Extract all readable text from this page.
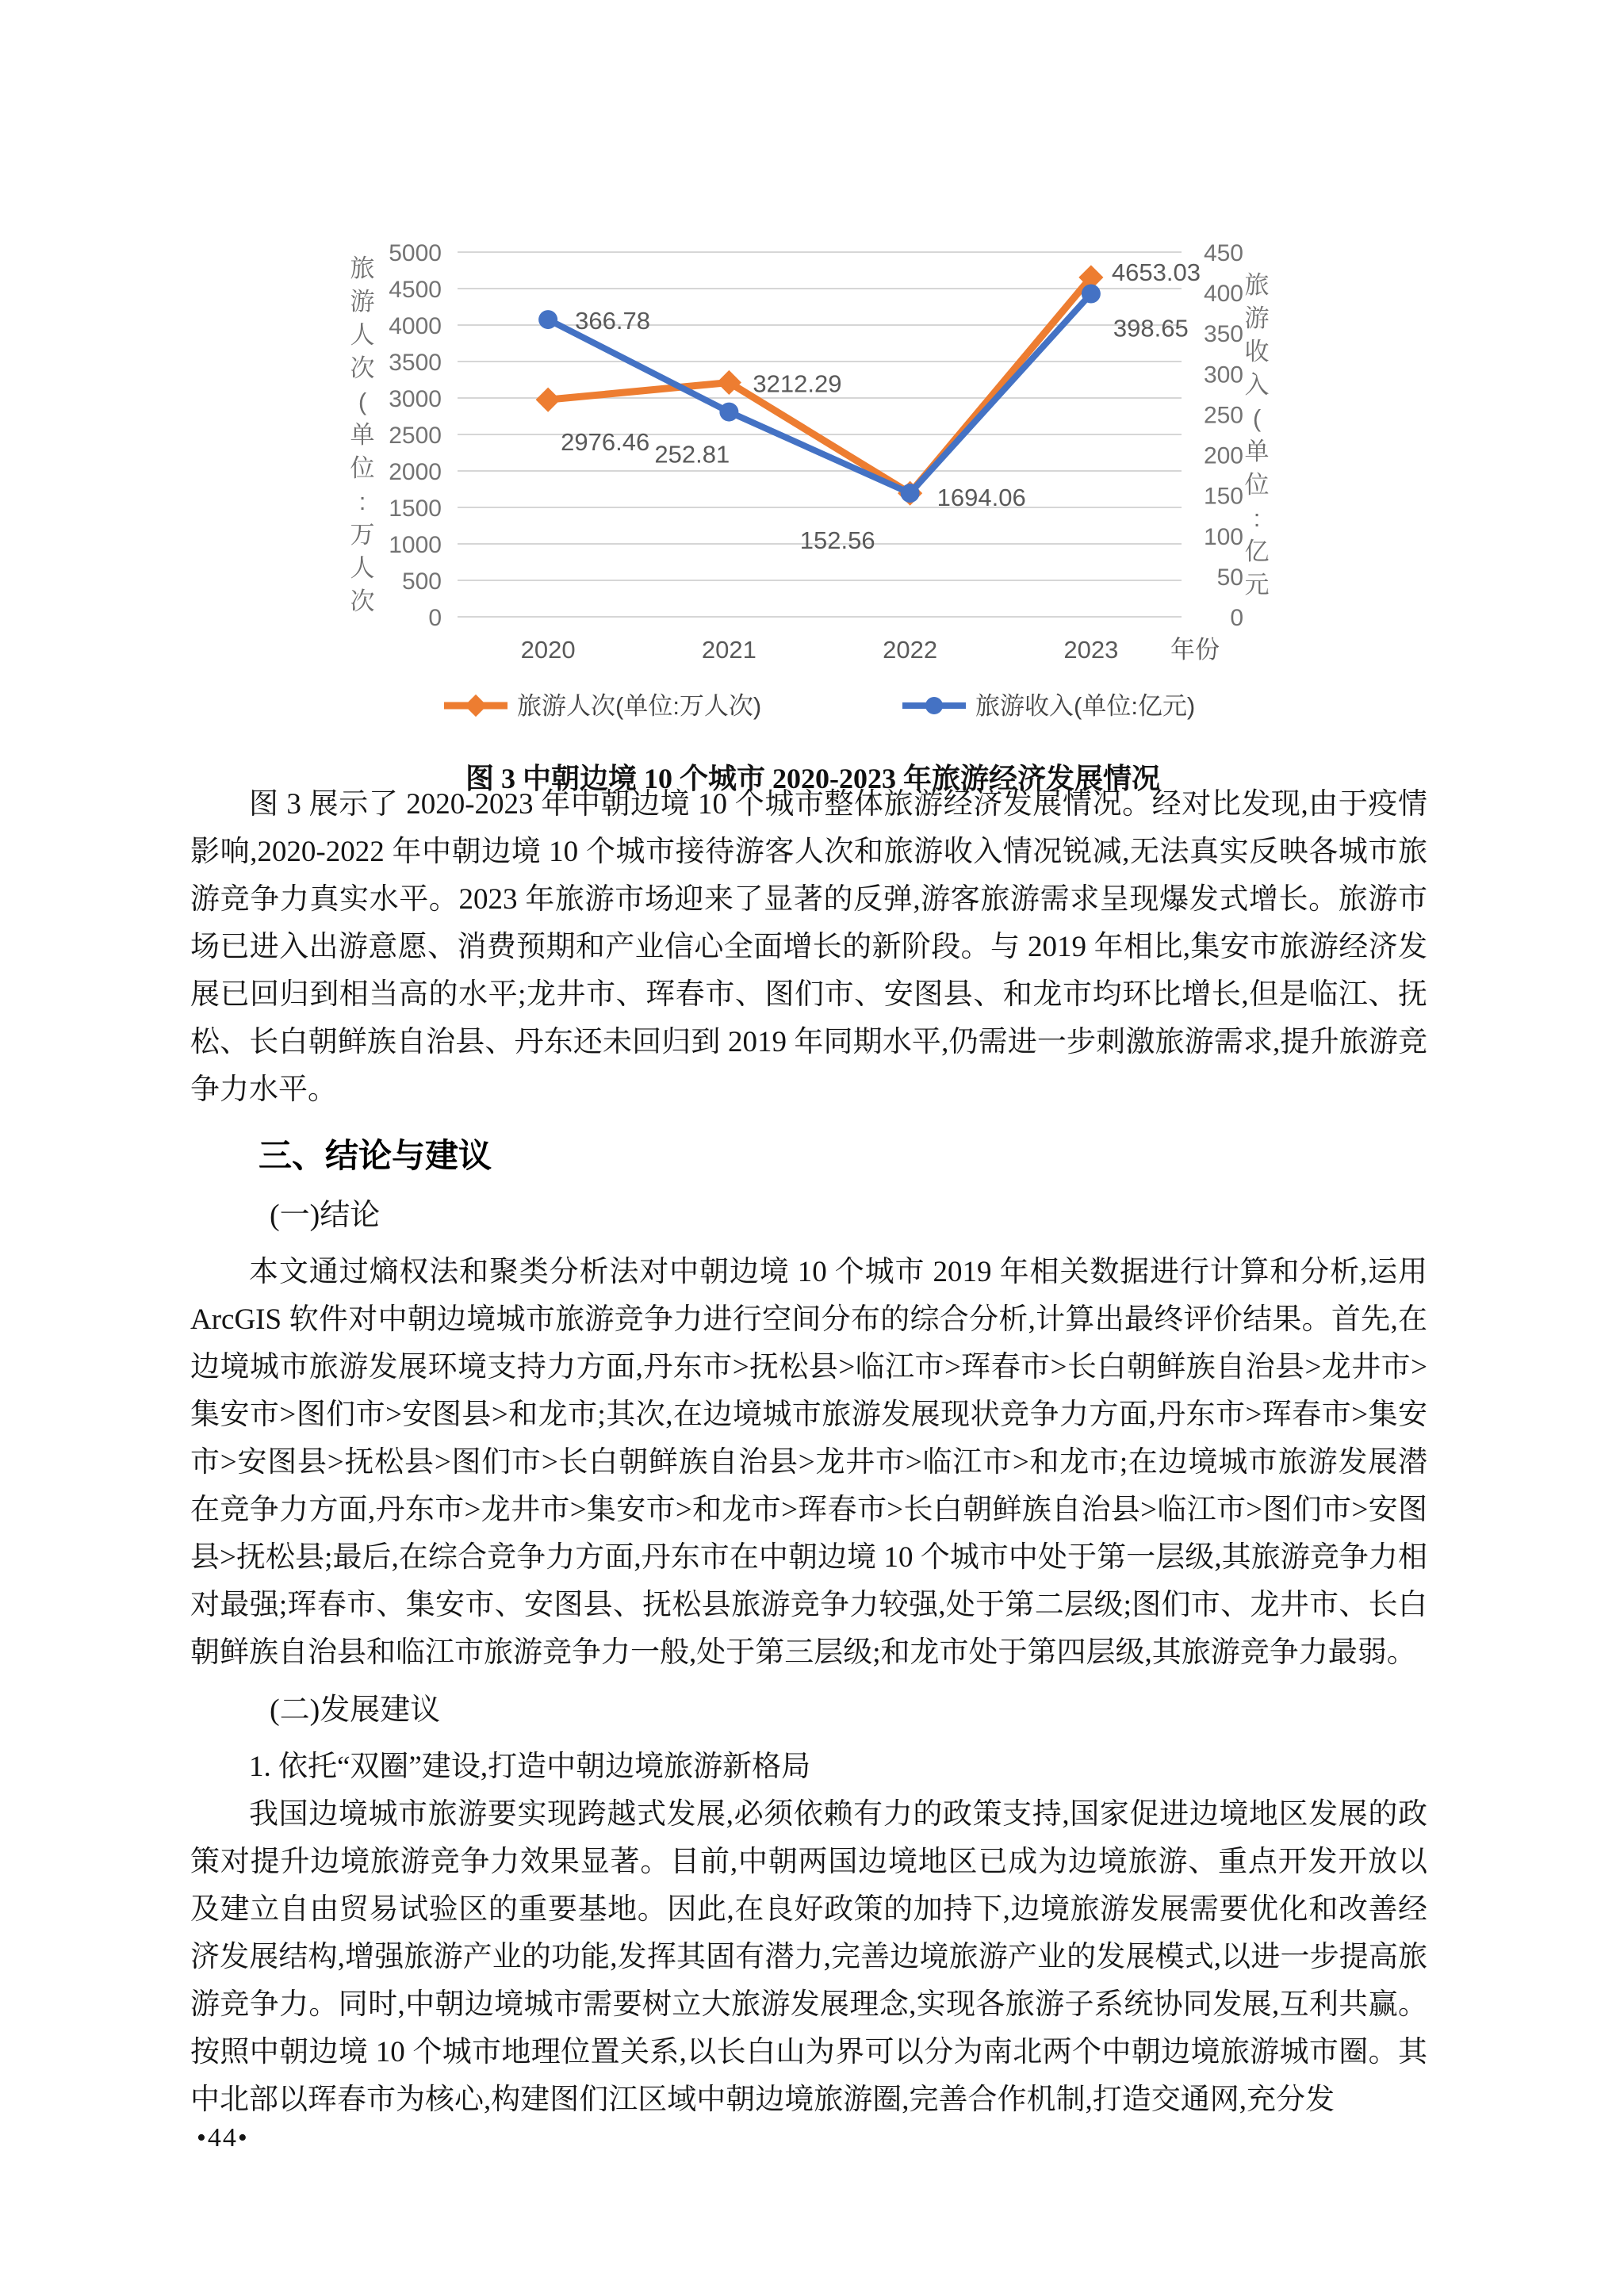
0
500
1000
1500
2000
2500
3000
3500
4000
4500
5000
0
50
100
150
200
250
300
350
400
450
2020	2021	2022	2023 年份
旅
游
人
次
(
单
位
:
万
人
次
旅
游
收
入
(
单
位
:
亿
元
2976.46
3212.29
1694.06
4653.03
366.78
252.81
152.56
398.65
旅游人次(单位:万人次)	旅游收入(单位:亿元)
图 3 中朝边境 10 个城市 2020-2023 年旅游经济发展情况

图 3 展示了 2020-2023 年中朝边境 10 个城市整体旅游经济发展情况。经对比发现,由于疫情影响,2020-2022 年中朝边境 10 个城市接待游客人次和旅游收入情况锐减,无法真实反映各城市旅游竞争力真实水平。2023 年旅游市场迎来了显著的反弹,游客旅游需求呈现爆发式增长。旅游市场已进入出游意愿、消费预期和产业信心全面增长的新阶段。与 2019 年相比,集安市旅游经济发展已回归到相当高的水平;龙井市、珲春市、图们市、安图县、和龙市均环比增长,但是临江、抚松、长白朝鲜族自治县、丹东还未回归到 2019 年同期水平,仍需进一步刺激旅游需求,提升旅游竞争力水平。

三、结论与建议
(一)结论

本文通过熵权法和聚类分析法对中朝边境 10 个城市 2019 年相关数据进行计算和分析,运用 ArcGIS 软件对中朝边境城市旅游竞争力进行空间分布的综合分析,计算出最终评价结果。首先,在边境城市旅游发展环境支持力方面,丹东市>抚松县>临江市>珲春市>长白朝鲜族自治县>龙井市>集安市>图们市>安图县>和龙市;其次,在边境城市旅游发展现状竞争力方面,丹东市>珲春市>集安市>安图县>抚松县>图们市>长白朝鲜族自治县>龙井市>临江市>和龙市;在边境城市旅游发展潜在竞争力方面,丹东市>龙井市>集安市>和龙市>珲春市>长白朝鲜族自治县>临江市>图们市>安图县>抚松县;最后,在综合竞争力方面,丹东市在中朝边境 10 个城市中处于第一层级,其旅游竞争力相对最强;珲春市、集安市、安图县、抚松县旅游竞争力较强,处于第二层级;图们市、龙井市、长白朝鲜族自治县和临江市旅游竞争力一般,处于第三层级;和龙市处于第四层级,其旅游竞争力最弱。

(二)发展建议

1. 依托“双圈”建设,打造中朝边境旅游新格局

我国边境城市旅游要实现跨越式发展,必须依赖有力的政策支持,国家促进边境地区发展的政策对提升边境旅游竞争力效果显著。目前,中朝两国边境地区已成为边境旅游、重点开发开放以及建立自由贸易试验区的重要基地。因此,在良好政策的加持下,边境旅游发展需要优化和改善经济发展结构,增强旅游产业的功能,发挥其固有潜力,完善边境旅游产业的发展模式,以进一步提高旅游竞争力。同时,中朝边境城市需要树立大旅游发展理念,实现各旅游子系统协同发展,互利共赢。按照中朝边境 10 个城市地理位置关系,以长白山为界可以分为南北两个中朝边境旅游城市圈。其中北部以珲春市为核心,构建图们江区域中朝边境旅游圈,完善合作机制,打造交通网,充分发

•44•
